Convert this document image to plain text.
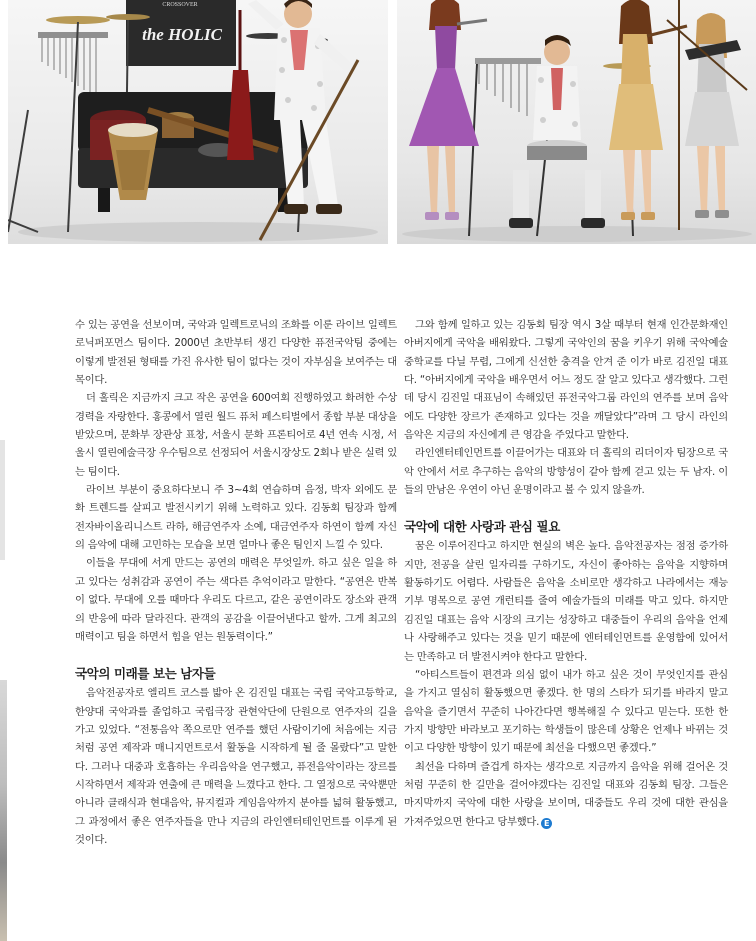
CROSSOVER
the HOLIC

수 있는 공연을 선보이며, 국악과 일렉트로닉의 조화를 이룬 라이브 일렉트로닉퍼포먼스 팀이다. 2000년 초반부터 생긴 다양한 퓨전국악팀 중에는 이렇게 발전된 형태를 가진 유사한 팀이 없다는 것이 자부심을 보여주는 대목이다.

더 홀릭은 지금까지 크고 작은 공연을 600여회 진행하였고 화려한 수상 경력을 자랑한다. 홍콩에서 열린 월드 퓨처 페스티벌에서 종합 부분 대상을 받았으며, 문화부 장관상 표창, 서울시 문화 프론티어로 4년 연속 시정, 서울시 열린예술극장 우수팀으로 선정되어 서울시장상도 2회나 받은 실력 있는 팀이다.

라이브 부분이 중요하다보니 주 3~4회 연습하며 음정, 박자 외에도 문화 트렌드를 살피고 발전시키기 위해 노력하고 있다. 김동회 팀장과 함께 전자바이올리니스트 라하, 해금연주자 소예, 대금연주자 하연이 함께 자신의 음악에 대해 고민하는 모습을 보면 얼마나 좋은 팀인지 느낄 수 있다.

이들을 무대에 서게 만드는 공연의 매력은 무엇일까. 하고 싶은 일을 하고 있다는 성취감과 공연이 주는 색다른 추억이라고 말한다. “공연은 반복이 없다. 무대에 오를 때마다 우리도 다르고, 같은 공연이라도 장소와 관객의 반응에 따라 달라진다. 관객의 공감을 이끌어낸다고 할까. 그게 최고의 매력이고 팀을 하면서 힘을 얻는 원동력이다.”

국악의 미래를 보는 남자들

음악전공자로 엘리트 코스를 밟아 온 김진일 대표는 국립 국악고등학교, 한양대 국악과를 졸업하고 국립극장 관현악단에 단원으로 연주자의 길을 가고 있었다. “전통음악 쪽으로만 연주를 했던 사람이기에 처음에는 지금처럼 공연 제작과 매니지먼트로서 활동을 시작하게 될 줄 몰랐다”고 말한다. 그러나 대중과 호흡하는 우리음악을 연구했고, 퓨전음악이라는 장르를 시작하면서 제작과 연출에 큰 매력을 느꼈다고 한다. 그 열정으로 국악뿐만 아니라 클래식과 현대음악, 뮤지컬과 게임음악까지 분야를 넓혀 활동했고, 그 과정에서 좋은 연주자들을 만나 지금의 라인엔터테인먼트를 이루게 된 것이다.

그와 함께 일하고 있는 김동회 팀장 역시 3살 때부터 현재 인간문화재인 아버지에게 국악을 배워왔다. 그렇게 국악인의 꿈을 키우기 위해 국악예술중학교를 다닐 무렵, 그에게 신선한 충격을 안겨 준 이가 바로 김진일 대표다. “아버지에게 국악을 배우면서 어느 정도 잘 알고 있다고 생각했다. 그런데 당시 김진일 대표님이 속해있던 퓨전국악그룹 라인의 연주를 보며 음악에도 다양한 장르가 존재하고 있다는 것을 깨달았다”라며 그 당시 라인의 음악은 지금의 자신에게 큰 영감을 주었다고 말한다.

라인엔터테인먼트를 이끌어가는 대표와 더 홀릭의 리더이자 팀장으로 국악 안에서 서로 추구하는 음악의 방향성이 같아 함께 걷고 있는 두 남자. 이들의 만남은 우연이 아닌 운명이라고 볼 수 있지 않을까.

국악에 대한 사랑과 관심 필요

꿈은 이루어진다고 하지만 현실의 벽은 높다. 음악전공자는 점점 증가하지만, 전공을 살린 일자리를 구하기도, 자신이 좋아하는 음악을 지향하며 활동하기도 어렵다. 사람들은 음악을 소비로만 생각하고 나라에서는 재능기부 명목으로 공연 개런티를 줄여 예술가들의 미래를 막고 있다. 하지만 김진일 대표는 음악 시장의 크기는 성장하고 대중들이 우리의 음악을 언제나 사랑해주고 있다는 것을 믿기 때문에 엔터테인먼트를 운영함에 있어서는 만족하고 더 발전시켜야 한다고 말한다.

“아티스트들이 편견과 의심 없이 내가 하고 싶은 것이 무엇인지를 관심을 가지고 열심히 활동했으면 좋겠다. 한 명의 스타가 되기를 바라지 말고 음악을 즐기면서 꾸준히 나아간다면 행복해질 수 있다고 믿는다. 또한 한 가지 방향만 바라보고 포기하는 학생들이 많은데 상황은 언제나 바뀌는 것이고 다양한 방향이 있기 때문에 최선을 다했으면 좋겠다.”

최선을 다하며 즐겁게 하자는 생각으로 지금까지 음악을 위해 걸어온 것처럼 꾸준히 한 길만을 걸어야겠다는 김진일 대표와 김동회 팀장. 그들은 마지막까지 국악에 대한 사랑을 보이며, 대중들도 우리 것에 대한 관심을 가져주었으면 한다고 당부했다. E
